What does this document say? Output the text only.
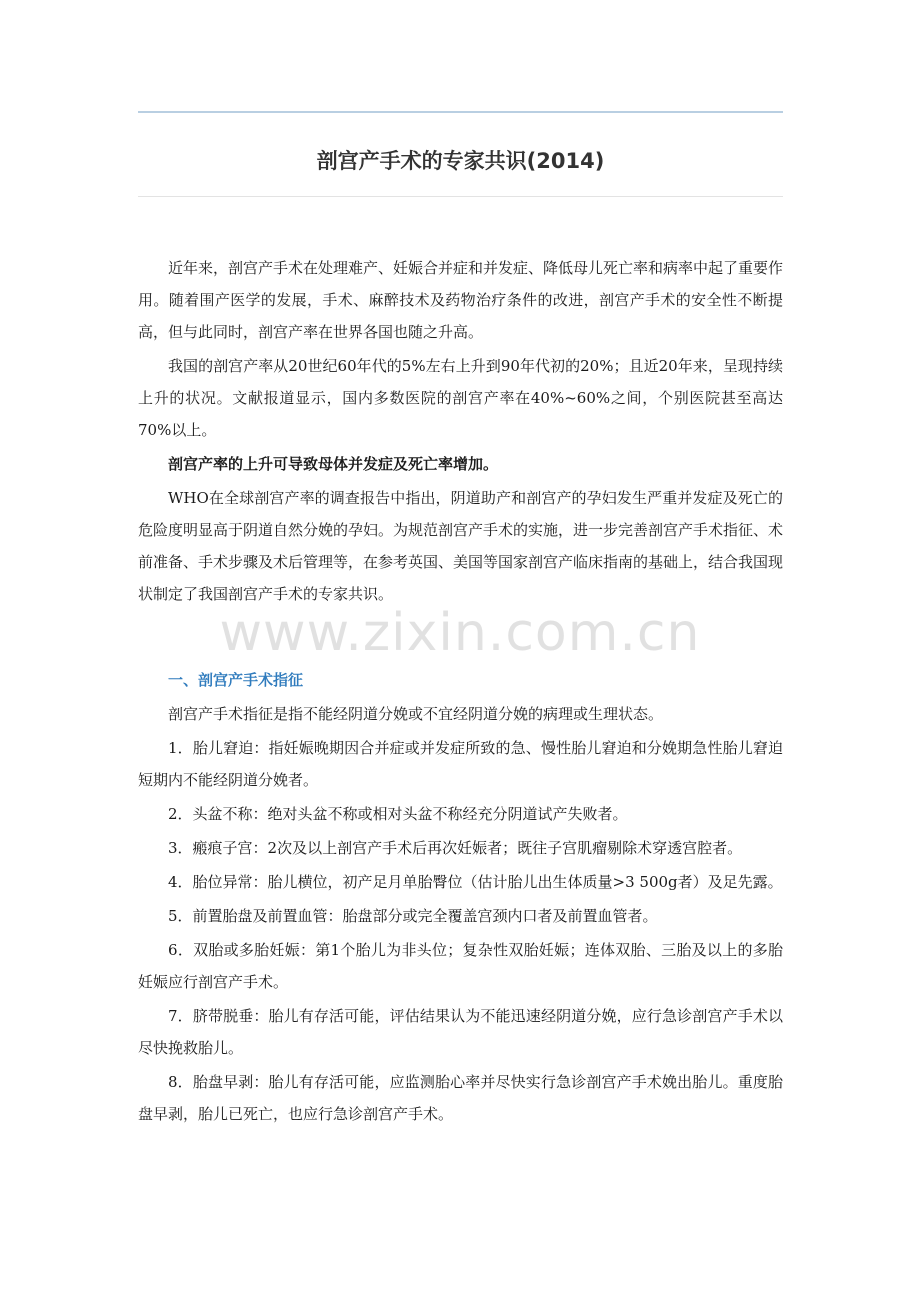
剖宫产手术的专家共识(2014)

近年来，剖宫产手术在处理难产、妊娠合并症和并发症、降低母儿死亡率和病率中起了重要作用。随着围产医学的发展，手术、麻醉技术及药物治疗条件的改进，剖宫产手术的安全性不断提高，但与此同时，剖宫产率在世界各国也随之升高。

我国的剖宫产率从20世纪60年代的5%左右上升到90年代初的20%；且近20年来，呈现持续上升的状况。文献报道显示，国内多数医院的剖宫产率在40%~60%之间，个别医院甚至高达70%以上。

剖宫产率的上升可导致母体并发症及死亡率增加。

WHO在全球剖宫产率的调查报告中指出，阴道助产和剖宫产的孕妇发生严重并发症及死亡的危险度明显高于阴道自然分娩的孕妇。为规范剖宫产手术的实施，进一步完善剖宫产手术指征、术前准备、手术步骤及术后管理等，在参考英国、美国等国家剖宫产临床指南的基础上，结合我国现状制定了我国剖宫产手术的专家共识。

一、剖宫产手术指征

剖宫产手术指征是指不能经阴道分娩或不宜经阴道分娩的病理或生理状态。

1．胎儿窘迫：指妊娠晚期因合并症或并发症所致的急、慢性胎儿窘迫和分娩期急性胎儿窘迫短期内不能经阴道分娩者。

2．头盆不称：绝对头盆不称或相对头盆不称经充分阴道试产失败者。

3．瘢痕子宫：2次及以上剖宫产手术后再次妊娠者；既往子宫肌瘤剔除术穿透宫腔者。

4．胎位异常：胎儿横位，初产足月单胎臀位（估计胎儿出生体质量>3 500g者）及足先露。

5．前置胎盘及前置血管：胎盘部分或完全覆盖宫颈内口者及前置血管者。

6．双胎或多胎妊娠：第1个胎儿为非头位；复杂性双胎妊娠；连体双胎、三胎及以上的多胎妊娠应行剖宫产手术。

7．脐带脱垂：胎儿有存活可能，评估结果认为不能迅速经阴道分娩，应行急诊剖宫产手术以尽快挽救胎儿。

8．胎盘早剥：胎儿有存活可能，应监测胎心率并尽快实行急诊剖宫产手术娩出胎儿。重度胎盘早剥，胎儿已死亡，也应行急诊剖宫产手术。

www.zixin.com.cn
